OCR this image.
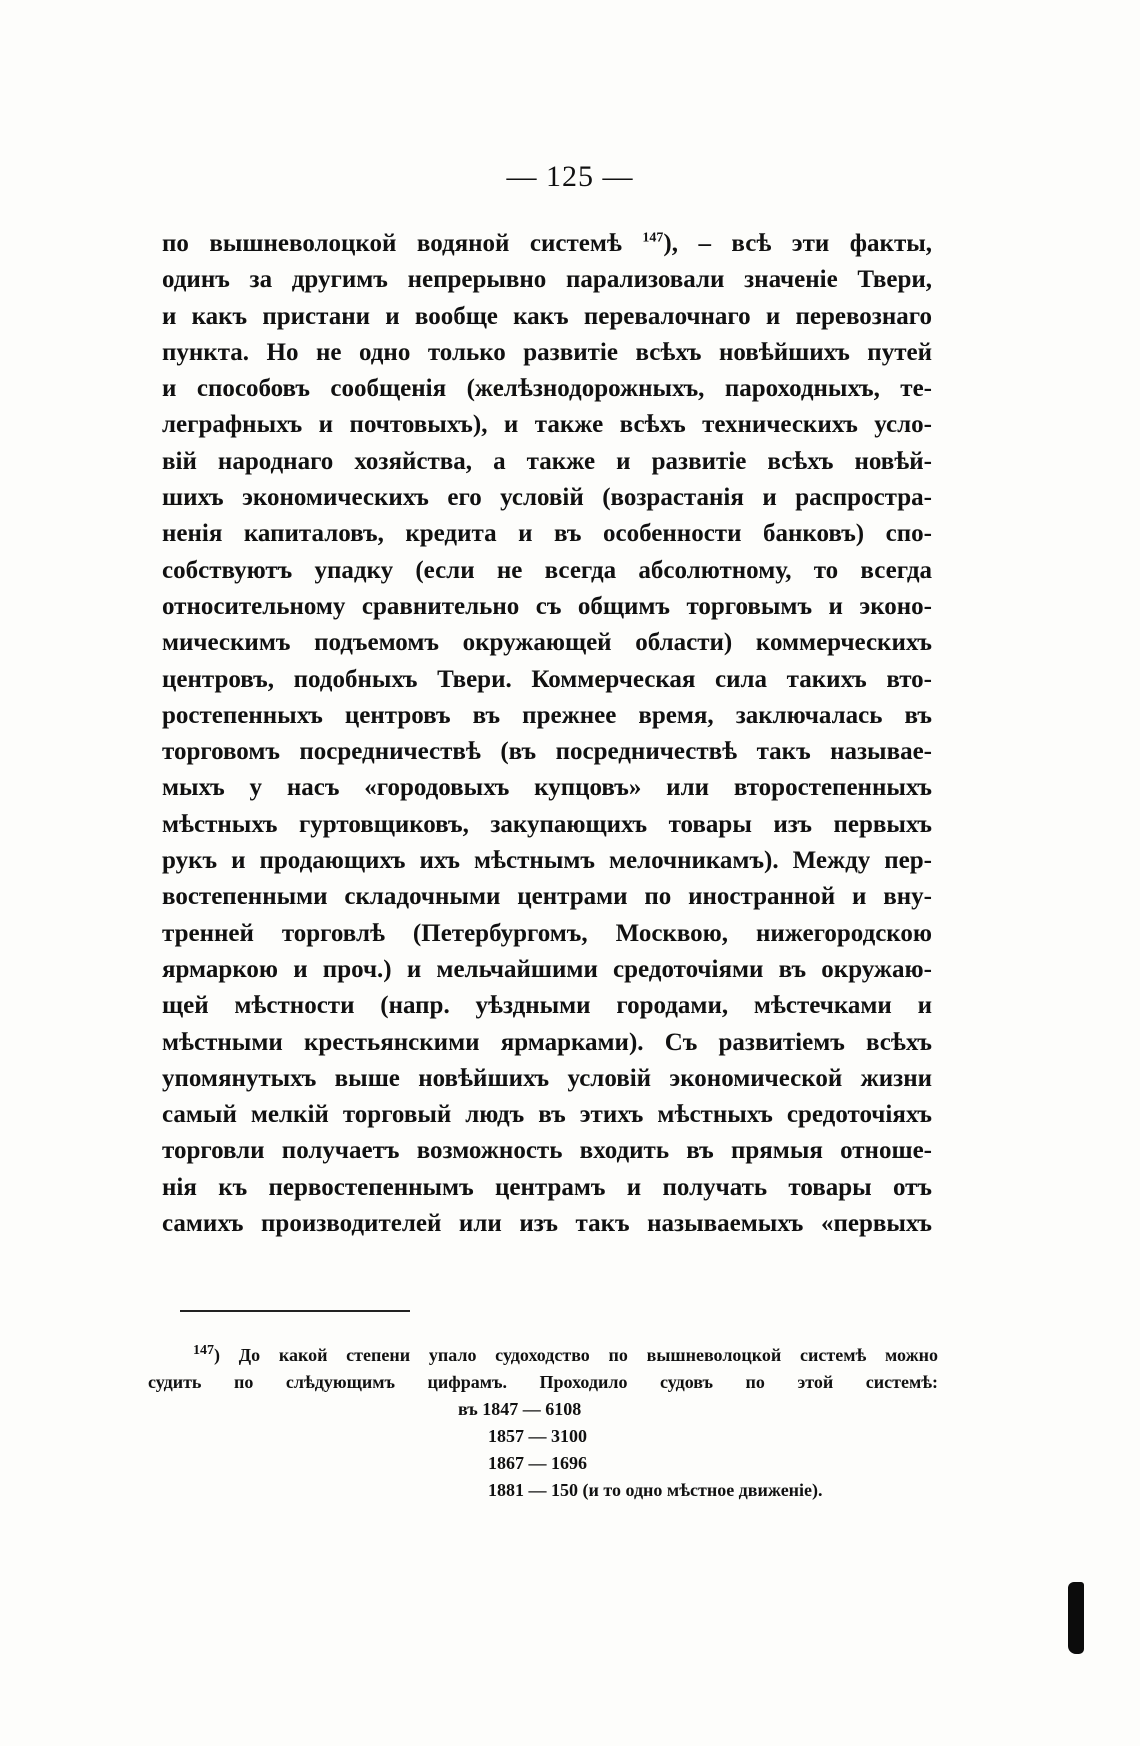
— 125 —
по вышневолоцкой водяной системѣ $^{147}$), – всѣ эти факты,
одинъ за другимъ непрерывно парализовали значенie Твери,
и какъ пристани и вообще какъ перевалочнаго и перевознаго
пункта. Но не одно только развитie всѣхъ новѣйшихъ путей
и способовъ сообщенiя (желѣзнодорожныхъ, пароходныхъ, те-
леграфныхъ и почтовыхъ), и также всѣхъ техническихъ усло-
вiй народнаго хозяйства, а также и развитie всѣхъ новѣй-
шихъ экономическихъ его условiй (возрастанiя и распростра-
ненiя капиталовъ, кредита и въ особенности банковъ) спо-
собствуютъ упадку (если не всегда абсолютному, то всегда
относительному сравнительно съ общимъ торговымъ и эконо-
мическимъ подъемомъ окружающей области) коммерческихъ
центровъ, подобныхъ Твери. Коммерческая сила такихъ вто-
ростепенныхъ центровъ въ прежнее время, заключалась въ
торговомъ посредничествѣ (въ посредничествѣ такъ называе-
мыхъ у насъ «городовыхъ купцовъ» или второстепенныхъ
мѣстныхъ гуртовщиковъ, закупающихъ товары изъ первыхъ
рукъ и продающихъ ихъ мѣстнымъ мелочникамъ). Между пер-
востепенными складочными центрами по иностранной и вну-
тренней торговлѣ (Петербургомъ, Москвою, нижегородскою
ярмаркою и проч.) и мельчайшими средоточiями въ окружаю-
щей мѣстности (напр. уѣздными городами, мѣстечками и
мѣстными крестьянскими ярмарками). Съ развитieмъ всѣхъ
упомянутыхъ выше новѣйшихъ условiй экономической жизни
самый мелкiй торговый людъ въ этихъ мѣстныхъ средоточiяхъ
торговли получаетъ возможность входить въ прямыя отноше-
нiя къ первостепеннымъ центрамъ и получать товары отъ
самихъ производителей или изъ такъ называемыхъ «первыхъ
$^{147}$) До какой степени упало судоходство по вышневолоцкой системѣ можно
судить по слѣдующимъ цифрамъ. Проходило судовъ по этой системѣ:
въ 1847 — 6108
1857 — 3100
1867 — 1696
1881 — 150 (и то одно мѣстное движенie).
